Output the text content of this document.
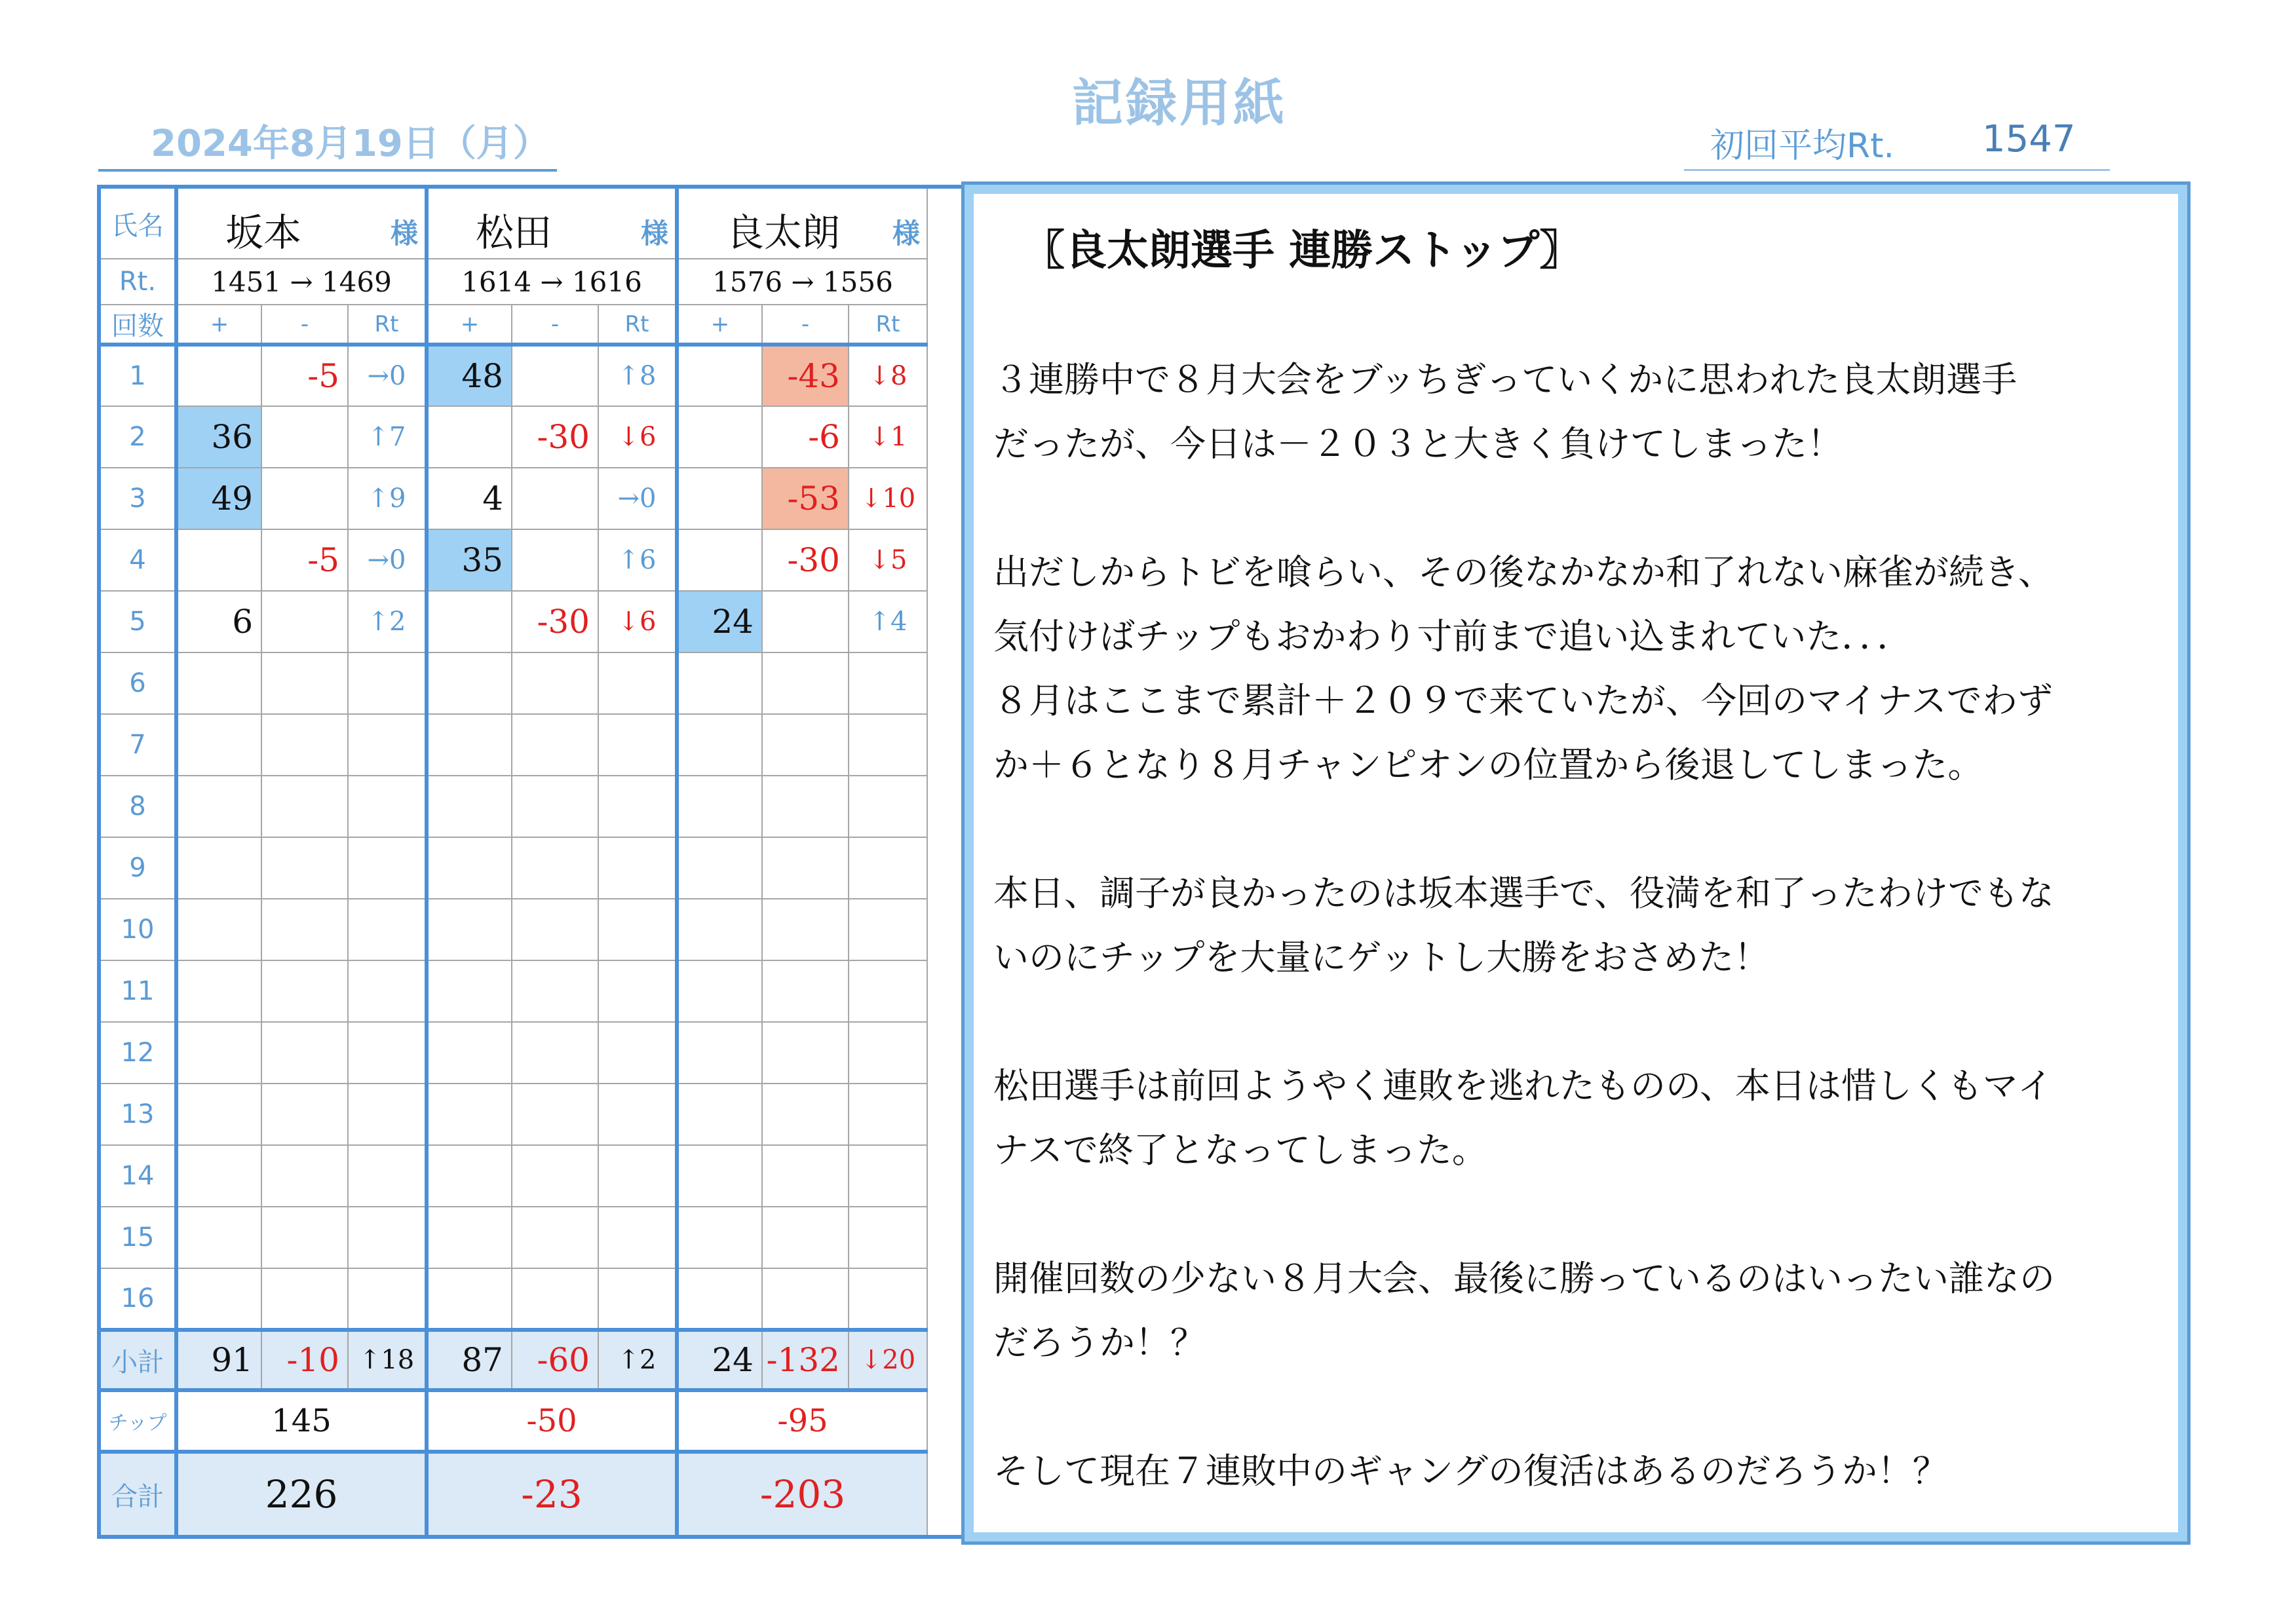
記録用紙
2024年8月19日（月）	初回平均Rt. 1547
氏名	坂本 様			松田 様			良太朗 様		

Rt.	1451 → 1469			1614 → 1616			1576 → 1556		
回数	+	-	Rt	+	-	Rt	+	-	Rt
1		-5	→0	48		↑8		-43	↓8
2	36		↑7		-30	↓6		-6	↓1
3	49		↑9	4		→0		-53	↓10
4		-5	→0	35		↑6		-30	↓5
5	6		↑2		-30	↓6	24		↑4
6									
7									
8									
9									
10									
11									
12									
13									
14									
15									
16									
小計	91	-10	↑18	87	-60	↑2	24	-132	↓20
チップ	145			-50			-95		
合計	226			-23			-203		
〖良太朗選手 連勝ストップ〗

３連勝中で８月大会をブッちぎっていくかに思われた良太朗選手

だったが、今日は－２０３と大きく負けてしまった！

出だしからトビを喰らい、その後なかなか和了れない麻雀が続き、

気付けばチップもおかわり寸前まで追い込まれていた．．．

８月はここまで累計＋２０９で来ていたが、今回のマイナスでわず

か＋６となり８月チャンピオンの位置から後退してしまった。

本日、調子が良かったのは坂本選手で、役満を和了ったわけでもな

いのにチップを大量にゲットし大勝をおさめた！

松田選手は前回ようやく連敗を逃れたものの、本日は惜しくもマイ

ナスで終了となってしまった。

開催回数の少ない８月大会、最後に勝っているのはいったい誰なの

だろうか！？

そして現在７連敗中のギャングの復活はあるのだろうか！？
